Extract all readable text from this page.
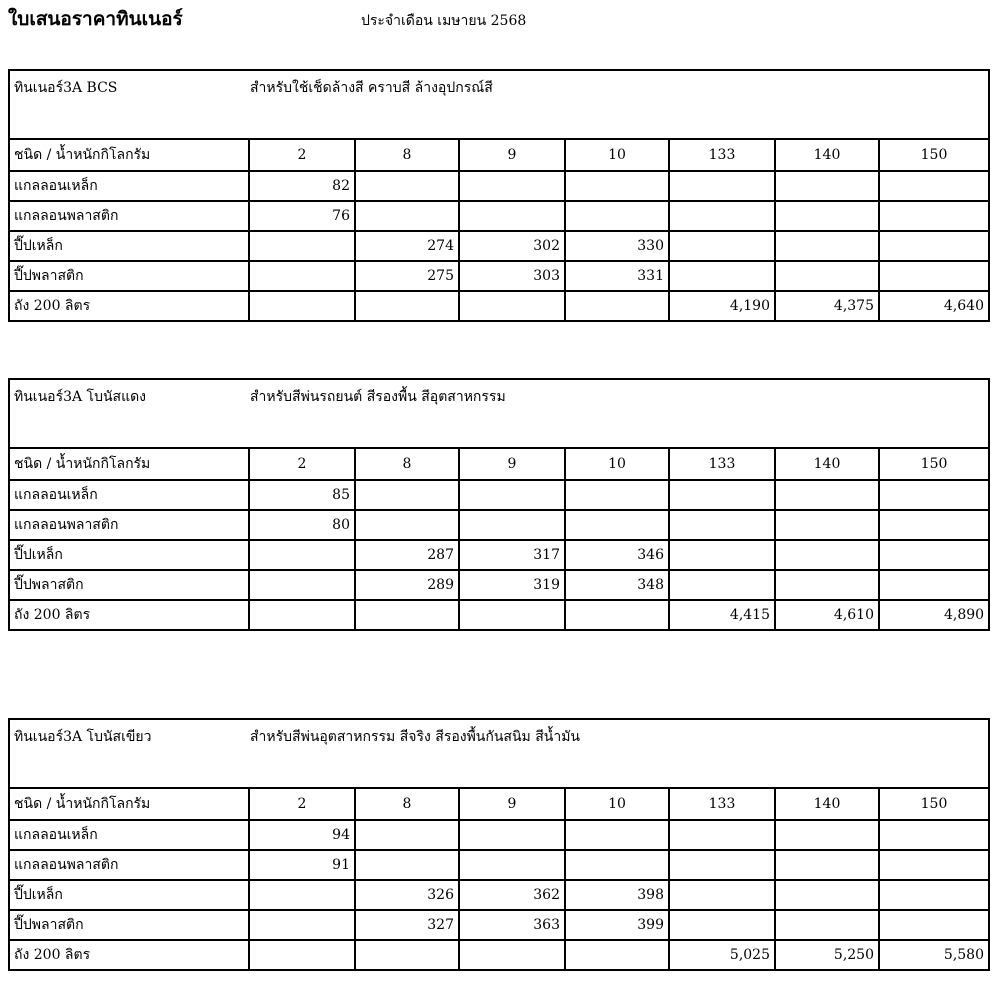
ใบเสนอราคาทินเนอร์	ประจำเดือน เมษายน 2568
ทินเนอร์3A BCS สำหรับใช้เช็ดล้างสี คราบสี ล้างอุปกรณ์สี							
ชนิด / น้ำหนักกิโลกรัม	2	8	9	10	133	140	150
แกลลอนเหล็ก	82						
แกลลอนพลาสติก	76						
ปี๊ปเหล็ก		274	302	330			
ปี๊ปพลาสติก		275	303	331			
ถัง 200 ลิตร					4,190	4,375	4,640
ทินเนอร์3A โบนัสแดง สำหรับสีพ่นรถยนต์ สีรองพื้น สีอุตสาหกรรม							
ชนิด / น้ำหนักกิโลกรัม	2	8	9	10	133	140	150
แกลลอนเหล็ก	85						
แกลลอนพลาสติก	80						
ปี๊ปเหล็ก		287	317	346			
ปี๊ปพลาสติก		289	319	348			
ถัง 200 ลิตร					4,415	4,610	4,890
ทินเนอร์3A โบนัสเขียว สำหรับสีพ่นอุตสาหกรรม สีจริง สีรองพื้นกันสนิม สีน้ำมัน							
ชนิด / น้ำหนักกิโลกรัม	2	8	9	10	133	140	150
แกลลอนเหล็ก	94						
แกลลอนพลาสติก	91						
ปี๊ปเหล็ก		326	362	398			
ปี๊ปพลาสติก		327	363	399			
ถัง 200 ลิตร					5,025	5,250	5,580
